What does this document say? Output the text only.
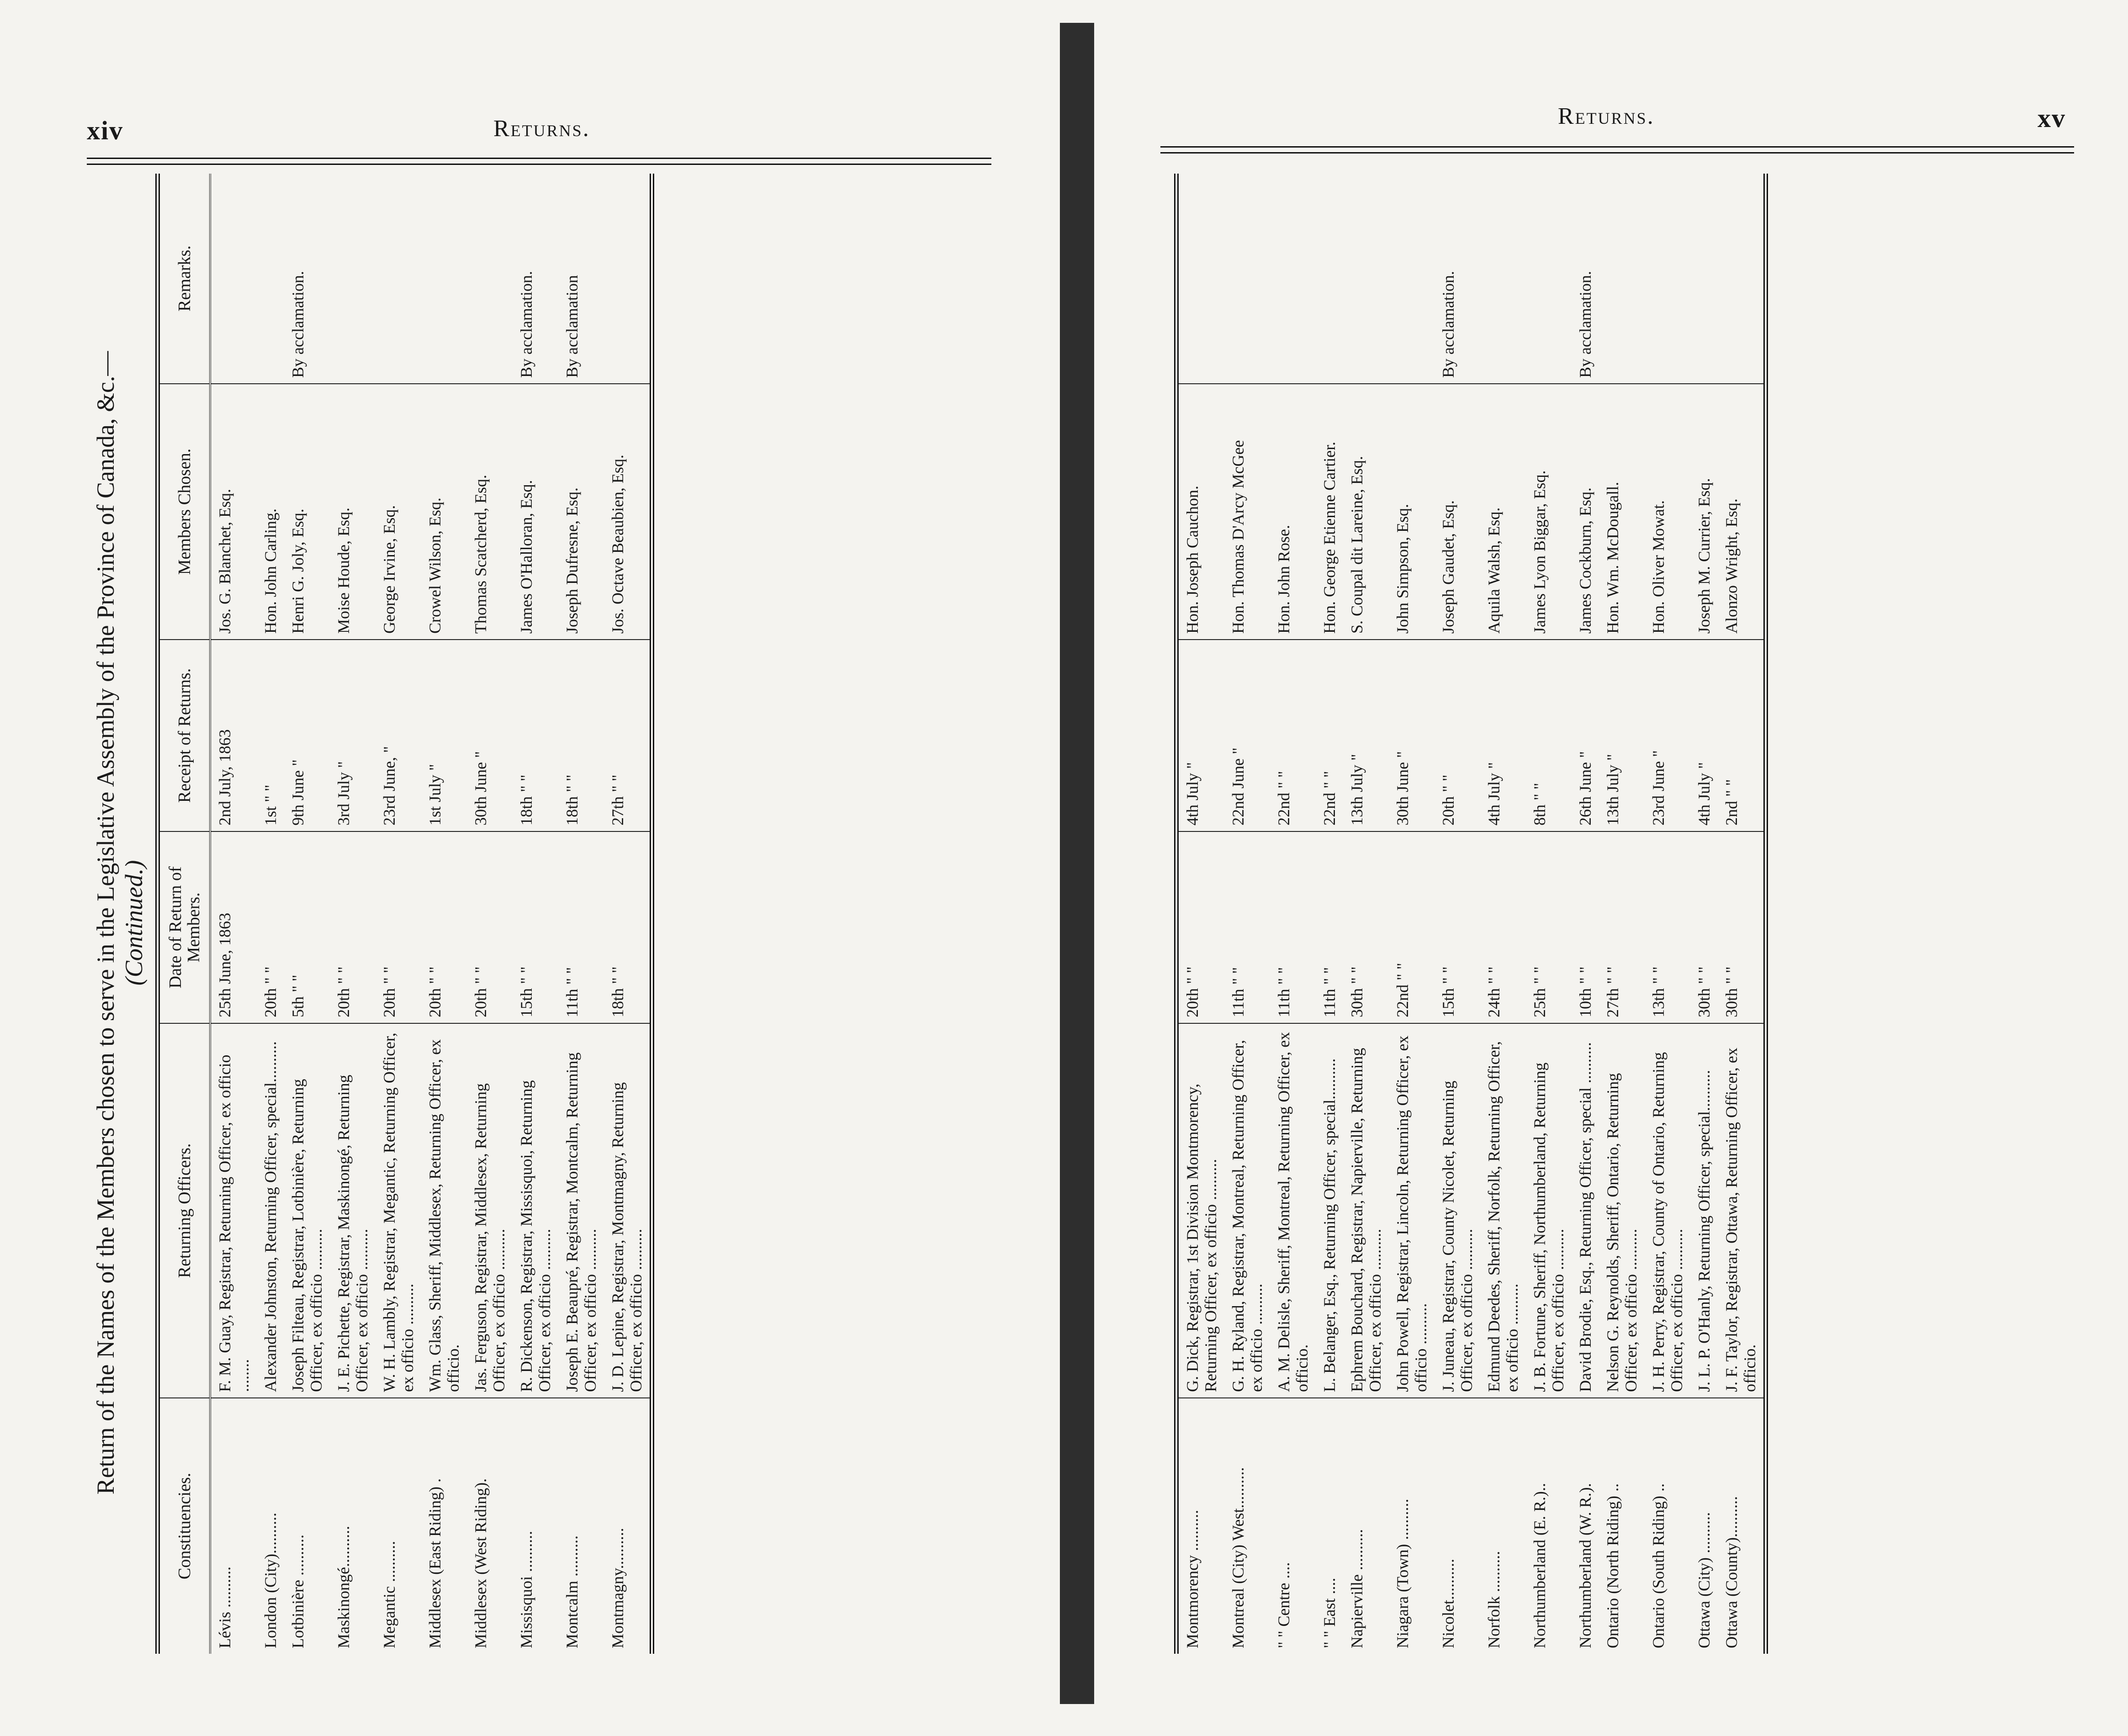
xiv	Returns.
Return of the Names of the Members chosen to serve in the Legislative Assembly of the Province of Canada, &c.—
(Continued.)
Constituencies.	Returning Officers.	Date of Return of Members.	Receipt of Returns.	Members Chosen.	Remarks.
Lévis ..........	F. M. Guay, Registrar, Returning Officer, ex officio ........	25th June, 1863	2nd July, 1863	Jos. G. Blanchet, Esq.	
London (City)..........	Alexander Johnston, Returning Officer, special..........	20th " "	1st " "	Hon. John Carling.	
Lotbinière ..........	Joseph Filteau, Registrar, Lotbinière, Returning Officer, ex officio ..........	5th " "	9th June "	Henri G. Joly, Esq.	By acclamation.
Maskinongé..........	J. E. Pichette, Registrar, Maskinongé, Returning Officer, ex officio ..........	20th " "	3rd July "	Moise Houde, Esq.	
Megantic ..........	W. H. Lambly, Registrar, Megantic, Returning Officer, ex officio ..........	20th " "	23rd June, "	George Irvine, Esq.	
Middlesex (East Riding) .	Wm. Glass, Sheriff, Middlesex, Returning Officer, ex officio.	20th " "	1st July "	Crowel Wilson, Esq.	
Middlesex (West Riding).	Jas. Ferguson, Registrar, Middlesex, Returning Officer, ex officio ..........	20th " "	30th June "	Thomas Scatcherd, Esq.	
Missisquoi ..........	R. Dickenson, Registrar, Missisquoi, Returning Officer, ex officio ..........	15th " "	18th " "	James O'Halloran, Esq.	By acclamation.
Montcalm ..........	Joseph E. Beaupré, Registrar, Montcalm, Returning Officer, ex officio ..........	11th " "	18th " "	Joseph Dufresne, Esq.	By acclamation
Montmagny..........	J. D. Lepine, Registrar, Montmagny, Returning Officer, ex officio ..........	18th " "	27th " "	Jos. Octave Beaubien, Esq.	
Returns.	xv
Montmorency ..........	G. Dick, Registrar, 1st Division Montmorency, Returning Officer, ex officio ..........	20th " "	4th July "	Hon. Joseph Cauchon.	
Montreal (City) West..........	G. H. Ryland, Registrar, Montreal, Returning Officer, ex officio ..........	11th " "	22nd June "	Hon. Thomas D'Arcy McGee	
" " Centre ....	A. M. Delisle, Sheriff, Montreal, Returning Officer, ex officio.	11th " "	22nd " "	Hon. John Rose.	
" " East ....	L. Belanger, Esq., Returning Officer, special..........	11th " "	22nd " "	Hon. George Etienne Cartier.	
Napierville ..........	Ephrem Bouchard, Registrar, Napierville, Returning Officer, ex officio ..........	30th " "	13th July "	S. Coupal dit Lareine, Esq.	
Niagara (Town) ..........	John Powell, Registrar, Lincoln, Returning Officer, ex officio ..........	22nd " "	30th June "	John Simpson, Esq.	
Nicolet..........	J. Juneau, Registrar, County Nicolet, Returning Officer, ex officio ..........	15th " "	20th " "	Joseph Gaudet, Esq.	By acclamation.
Norfolk ..........	Edmund Deedes, Sheriff, Norfolk, Returning Officer, ex officio ..........	24th " "	4th July "	Aquila Walsh, Esq.	
Northumberland (E. R.)..	J. B. Fortune, Sheriff, Northumberland, Returning Officer, ex officio ..........	25th " "	8th " "	James Lyon Biggar, Esq.	
Northumberland (W. R.).	David Brodie, Esq., Returning Officer, special ..........	10th " "	26th June "	James Cockburn, Esq.	By acclamation.
Ontario (North Riding) ..	Nelson G. Reynolds, Sheriff, Ontario, Returning Officer, ex officio ..........	27th " "	13th July "	Hon. Wm. McDougall.	
Ontario (South Riding) ..	J. H. Perry, Registrar, County of Ontario, Returning Officer, ex officio ..........	13th " "	23rd June "	Hon. Oliver Mowat.	
Ottawa (City) ..........	J. L. P. O'Hanly, Returning Officer, special..........	30th " "	4th July "	Joseph M. Currier, Esq.	
Ottawa (County)..........	J. F. Taylor, Registrar, Ottawa, Returning Officer, ex officio.	30th " "	2nd " "	Alonzo Wright, Esq.	
